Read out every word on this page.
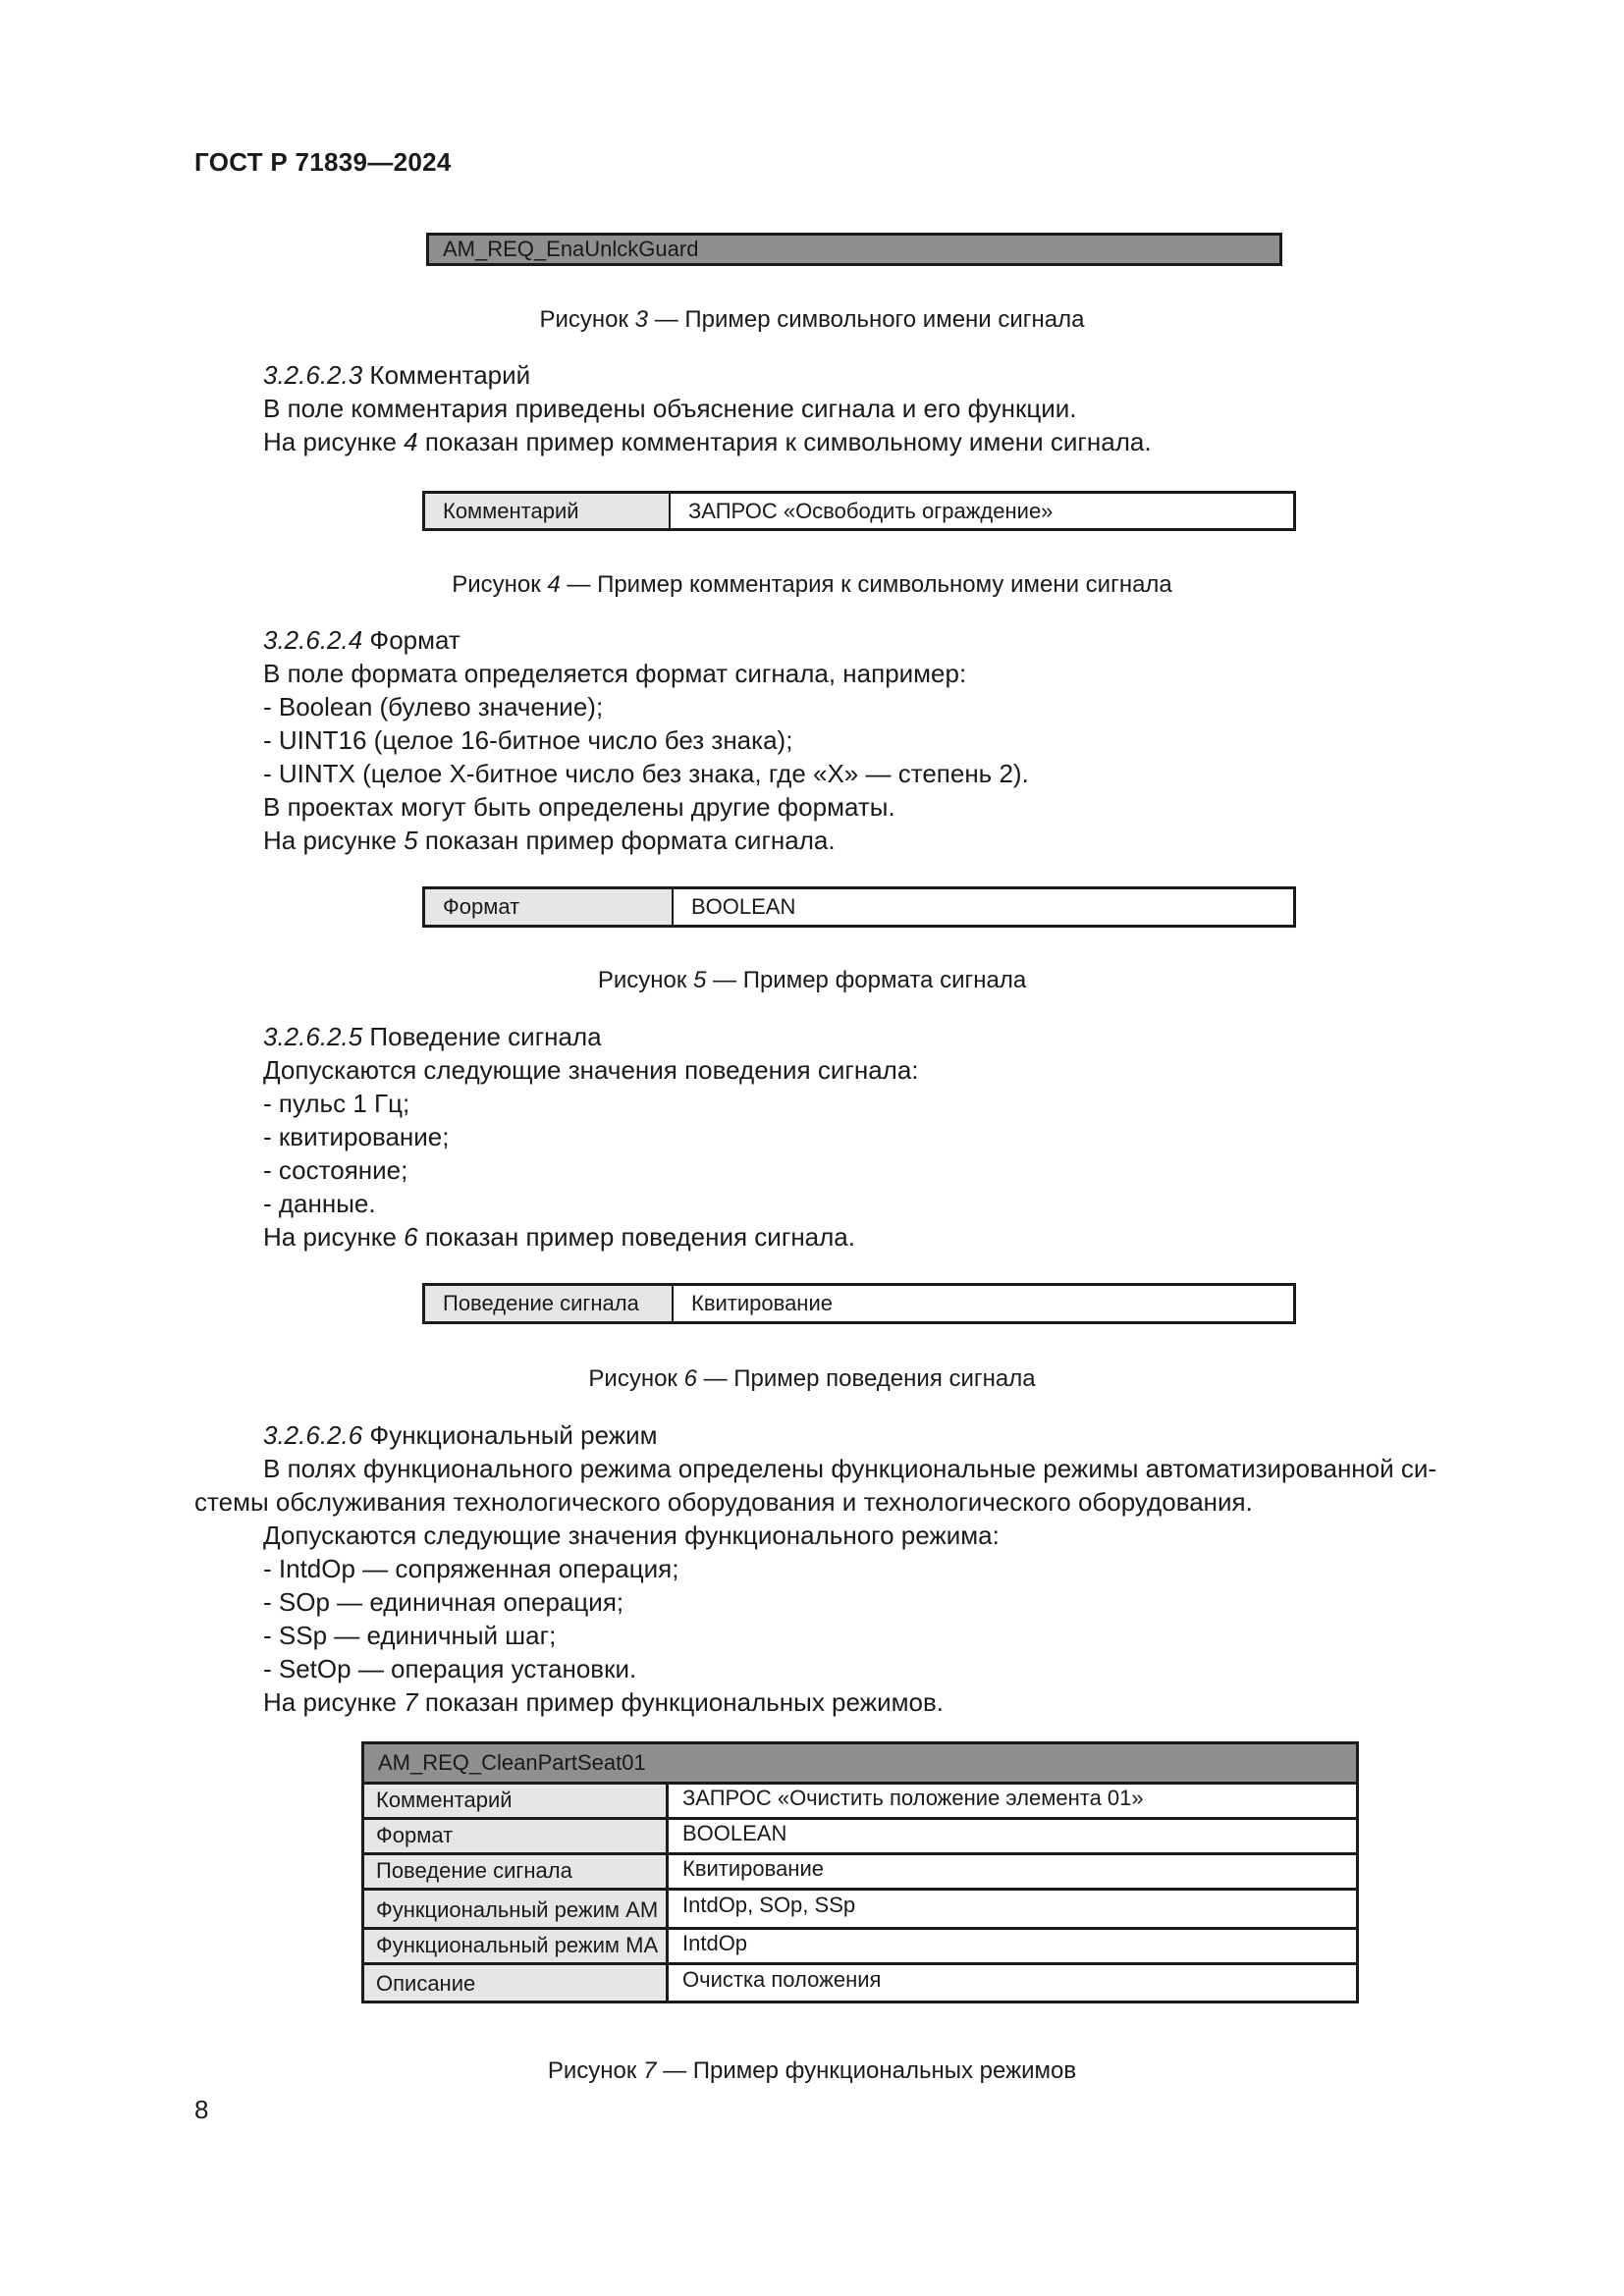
ГОСТ Р 71839—2024
AM_REQ_EnaUnlckGuard
Рисунок 3 — Пример символьного имени сигнала
3.2.6.2.3 Комментарий
В поле комментария приведены объяснение сигнала и его функции.
На рисунке 4 показан пример комментария к символьному имени сигнала.
Комментарий	ЗАПРОС «Освободить ограждение»
Рисунок 4 — Пример комментария к символьному имени сигнала
3.2.6.2.4 Формат
В поле формата определяется формат сигнала, например:
- Boolean (булево значение);
- UINT16 (целое 16-битное число без знака);
- UINTX (целое X-битное число без знака, где «X» — степень 2).
В проектах могут быть определены другие форматы.
На рисунке 5 показан пример формата сигнала.
Формат	BOOLEAN
Рисунок 5 — Пример формата сигнала
3.2.6.2.5 Поведение сигнала
Допускаются следующие значения поведения сигнала:
- пульс 1 Гц;
- квитирование;
- состояние;
- данные.
На рисунке 6 показан пример поведения сигнала.
Поведение сигнала	Квитирование
Рисунок 6 — Пример поведения сигнала
3.2.6.2.6 Функциональный режим
В полях функционального режима определены функциональные режимы автоматизированной си-
стемы обслуживания технологического оборудования и технологического оборудования.
Допускаются следующие значения функционального режима:
- IntdOp — сопряженная операция;
- SOp — единичная операция;
- SSp — единичный шаг;
- SetOp — операция установки.
На рисунке 7 показан пример функциональных режимов.
AM_REQ_CleanPartSeat01
Комментарий	ЗАПРОС «Очистить положение элемента 01»
Формат	BOOLEAN
Поведение сигнала	Квитирование
Функциональный режим AM	IntdOp, SOp, SSp
Функциональный режим MA	IntdOp
Описание	Очистка положения
Рисунок 7 — Пример функциональных режимов
8
